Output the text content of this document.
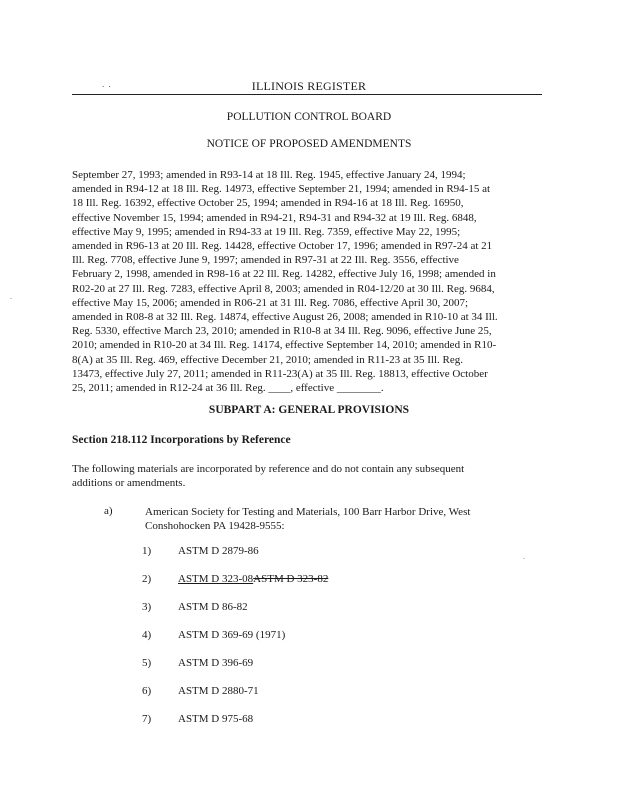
. .	ILLINOIS REGISTER
POLLUTION CONTROL BOARD
NOTICE OF PROPOSED AMENDMENTS
September 27, 1993; amended in R93-14 at 18 Ill. Reg. 1945, effective January 24, 1994;
amended in R94-12 at 18 Ill. Reg. 14973, effective September 21, 1994; amended in R94-15 at
18 Ill. Reg. 16392, effective October 25, 1994; amended in R94-16 at 18 Ill. Reg. 16950,
effective November 15, 1994; amended in R94-21, R94-31 and R94-32 at 19 Ill. Reg. 6848,
effective May 9, 1995; amended in R94-33 at 19 Ill. Reg. 7359, effective May 22, 1995;
amended in R96-13 at 20 Ill. Reg. 14428, effective October 17, 1996; amended in R97-24 at 21
Ill. Reg. 7708, effective June 9, 1997; amended in R97-31 at 22 Ill. Reg. 3556, effective
February 2, 1998, amended in R98-16 at 22 Ill. Reg. 14282, effective July 16, 1998; amended in
R02-20 at 27 Ill. Reg. 7283, effective April 8, 2003; amended in R04-12/20 at 30 Ill. Reg. 9684,
effective May 15, 2006; amended in R06-21 at 31 Ill. Reg. 7086, effective April 30, 2007;
amended in R08-8 at 32 Ill. Reg. 14874, effective August 26, 2008; amended in R10-10 at 34 Ill.
Reg. 5330, effective March 23, 2010; amended in R10-8 at 34 Ill. Reg. 9096, effective June 25,
2010; amended in R10-20 at 34 Ill. Reg. 14174, effective September 14, 2010; amended in R10-
8(A) at 35 Ill. Reg. 469, effective December 21, 2010; amended in R11-23 at 35 Ill. Reg.
13473, effective July 27, 2011; amended in R11-23(A) at 35 Ill. Reg. 18813, effective October
25, 2011; amended in R12-24 at 36 Ill. Reg. ____, effective ________.
SUBPART A: GENERAL PROVISIONS
Section 218.112 Incorporations by Reference
The following materials are incorporated by reference and do not contain any subsequent
additions or amendments.
a)	American Society for Testing and Materials, 100 Barr Harbor Drive, West
Conshohocken PA 19428-9555:
1)	ASTM D 2879-86
2)	ASTM D 323-08ASTM D 323-82
3)	ASTM D 86-82
4)	ASTM D 369-69 (1971)
5)	ASTM D 396-69
6)	ASTM D 2880-71
7)	ASTM D 975-68
.
.
